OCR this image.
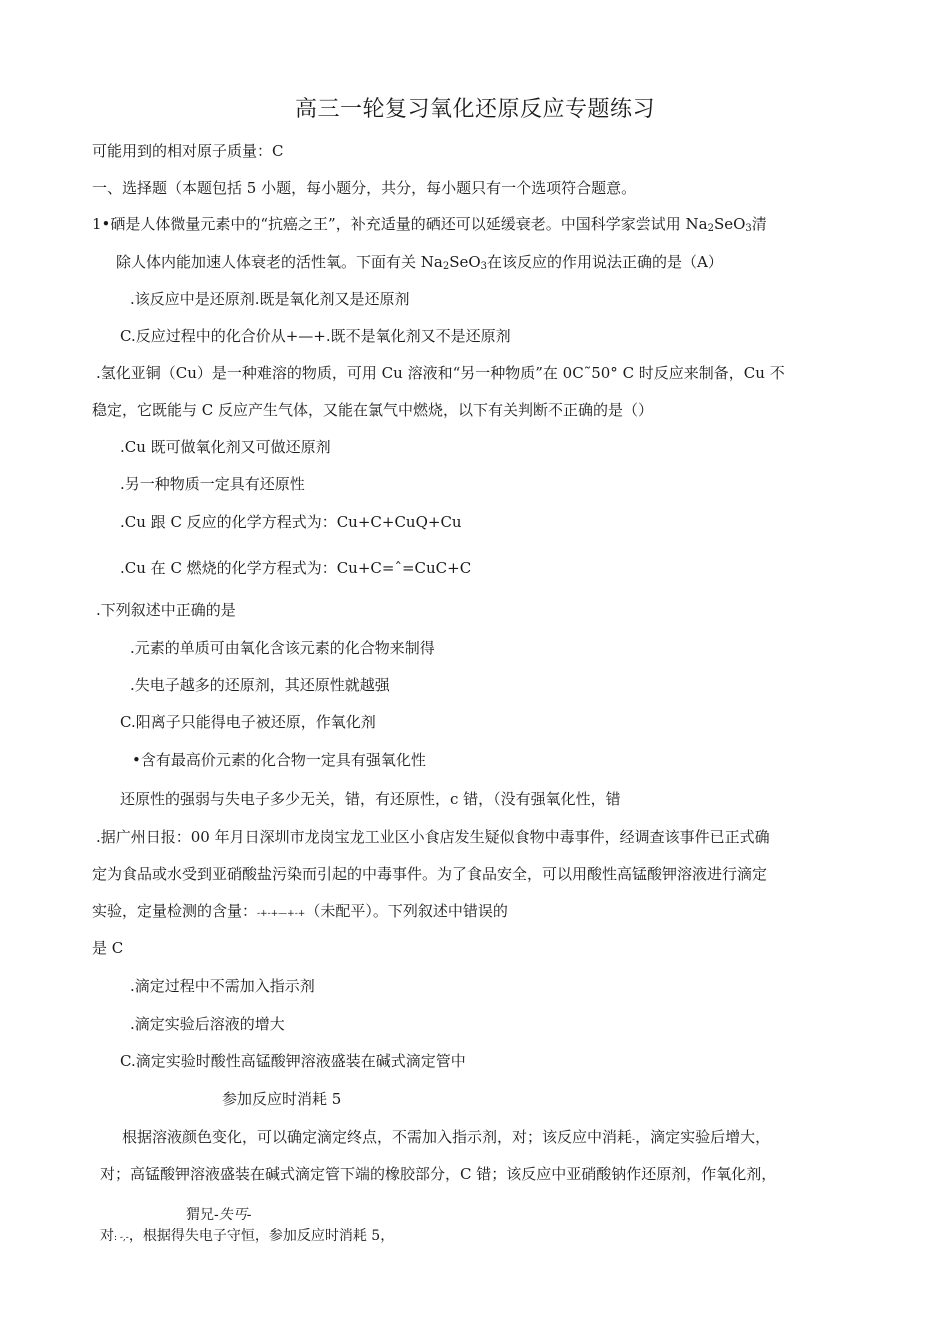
高三一轮复习氧化还原反应专题练习
可能用到的相对原子质量：C
一、选择题（本题包括 5 小题，每小题分，共分，每小题只有一个选项符合题意。
1•硒是人体微量元素中的“抗癌之王”，补充适量的硒还可以延缓衰老。中国科学家尝试用 $Na_2SeO_3$清
除人体内能加速人体衰老的活性氧。下面有关 $Na_2SeO_3$在该反应的作用说法正确的是（A）
.该反应中是还原剂.既是氧化剂又是还原剂
C.反应过程中的化合价从+—+.既不是氧化剂又不是还原剂
.氢化亚铜（Cu）是一种难溶的物质，可用 Cu 溶液和“另一种物质”在 0C˜50° C 时反应来制备，Cu 不
稳定，它既能与 C 反应产生气体，又能在氯气中燃烧，以下有关判断不正确的是（）
.Cu 既可做氧化剂又可做还原剂
.另一种物质一定具有还原性
.Cu 跟 C 反应的化学方程式为：Cu+C+CuQ+Cu
.Cu 在 C 燃烧的化学方程式为：Cu+C=ˆ=CuC+C
.下列叙述中正确的是
.元素的单质可由氧化含该元素的化合物来制得
.失电子越多的还原剂，其还原性就越强
C.阳离子只能得电子被还原，作氧化剂
•含有最高价元素的化合物一定具有强氧化性
还原性的强弱与失电子多少无关，错，有还原性，c 错，（没有强氧化性，错
.据广州日报：00 年月日深圳市龙岗宝龙工业区小食店发生疑似食物中毒事件，经调查该事件已正式确
定为食品或水受到亚硝酸盐污染而引起的中毒事件。为了食品安全，可以用酸性高锰酸钾溶液进行滴定
实验，定量检测的含量：-+-+—+-+（未配平）。下列叙述中错误的
是 C
.滴定过程中不需加入指示剂
.滴定实验后溶液的增大
C.滴定实验时酸性高锰酸钾溶液盛装在碱式滴定管中
参加反应时消耗 5
根据溶液颜色变化，可以确定滴定终点，不需加入指示剂，对；该反应中消耗-，滴定实验后增大，
对；高锰酸钾溶液盛装在碱式滴定管下端的橡胶部分，C 错；该反应中亚硝酸钠作还原剂，作氧化剂，
猬兄-失丐-
对: -,-，根据得失电子守恒，参加反应时消耗 5，
